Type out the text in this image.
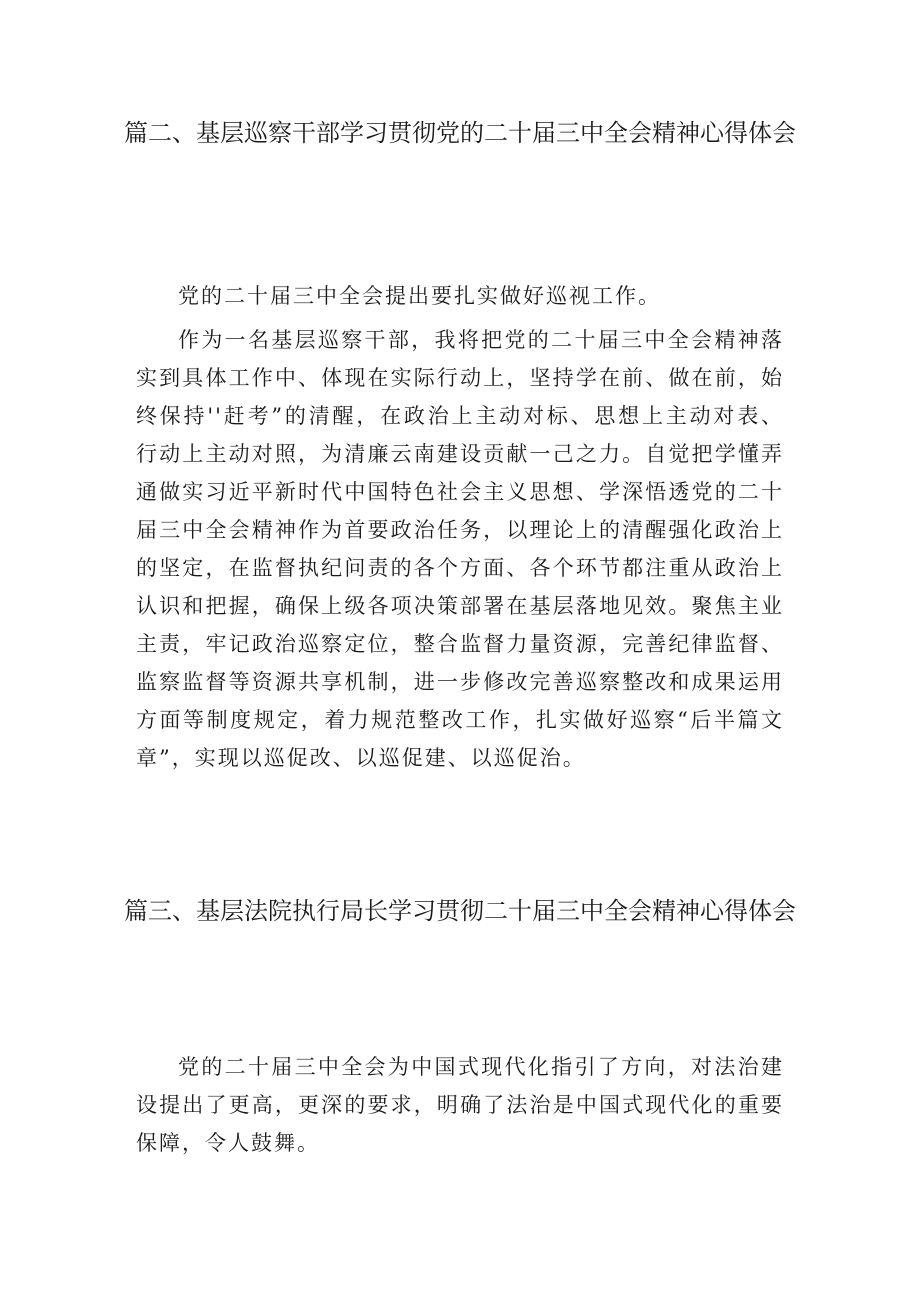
篇二、基层巡察干部学习贯彻党的二十届三中全会精神心得体会

党的二十届三中全会提出要扎实做好巡视工作。

作为一名基层巡察干部，我将把党的二十届三中全会精神落实到具体工作中、体现在实际行动上，坚持学在前、做在前，始终保持''赶考”的清醒，在政治上主动对标、思想上主动对表、行动上主动对照，为清廉云南建设贡献一己之力。自觉把学懂弄通做实习近平新时代中国特色社会主义思想、学深悟透党的二十届三中全会精神作为首要政治任务，以理论上的清醒强化政治上的坚定，在监督执纪问责的各个方面、各个环节都注重从政治上认识和把握，确保上级各项决策部署在基层落地见效。聚焦主业主责，牢记政治巡察定位，整合监督力量资源，完善纪律监督、监察监督等资源共享机制，进一步修改完善巡察整改和成果运用方面等制度规定，着力规范整改工作，扎实做好巡察“后半篇文章”，实现以巡促改、以巡促建、以巡促治。

篇三、基层法院执行局长学习贯彻二十届三中全会精神心得体会

党的二十届三中全会为中国式现代化指引了方向，对法治建设提出了更高，更深的要求，明确了法治是中国式现代化的重要保障，令人鼓舞。
